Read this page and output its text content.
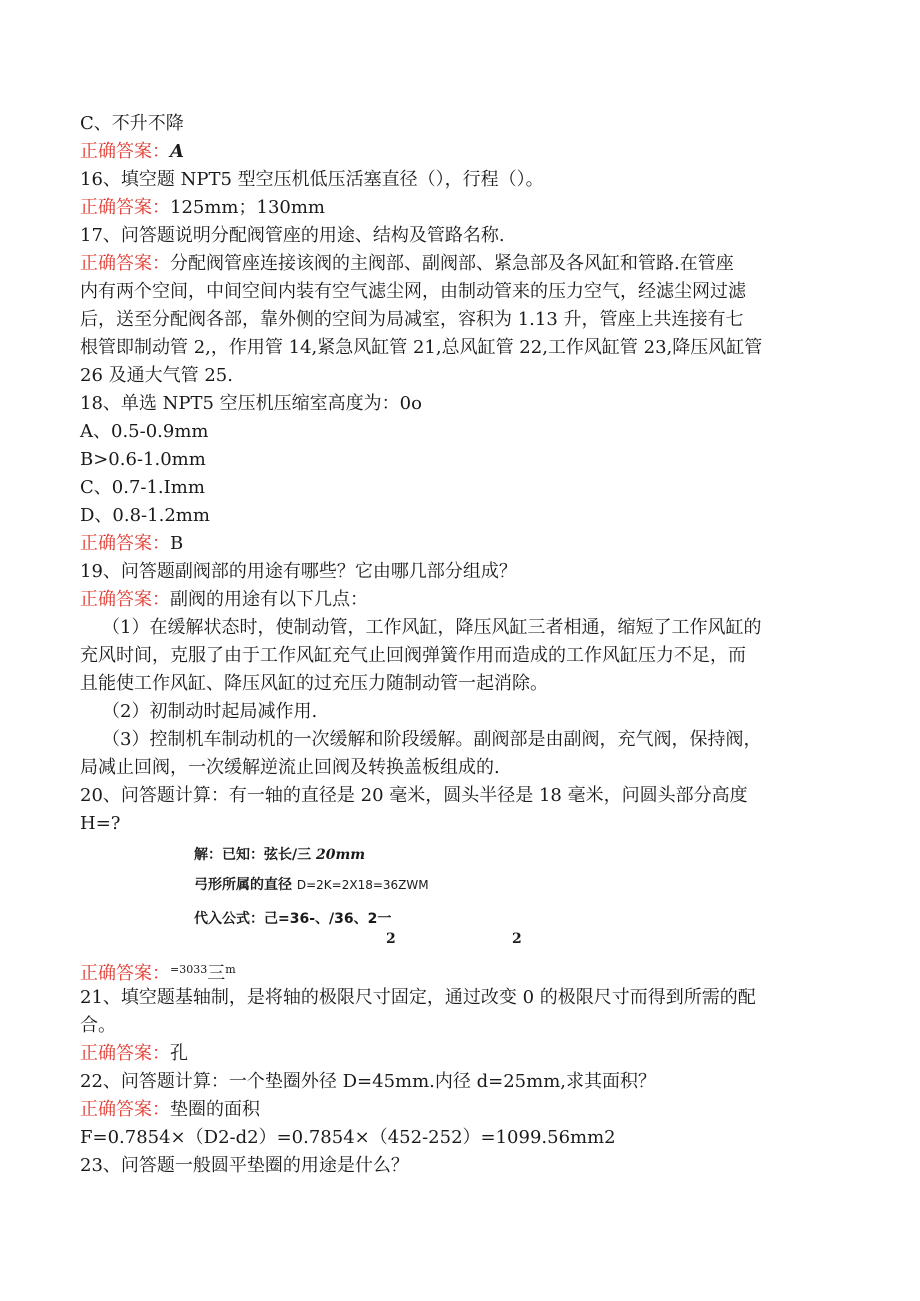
C、不升不降
正确答案：A
16、填空题 NPT5 型空压机低压活塞直径（），行程（）。
正确答案：125mm；130mm
17、问答题说明分配阀管座的用途、结构及管路名称.
正确答案：分配阀管座连接该阀的主阀部、副阀部、紧急部及各风缸和管路.在管座
内有两个空间，中间空间内装有空气滤尘网，由制动管来的压力空气，经滤尘网过滤
后，送至分配阀各部，靠外侧的空间为局减室，容积为 1.13 升，管座上共连接有七
根管即制动管 2,，作用管 14,紧急风缸管 21,总风缸管 22,工作风缸管 23,降压风缸管
26 及通大气管 25.
18、单选 NPT5 空压机压缩室高度为：0o
A、0.5-0.9mm
B>0.6-1.0mm
C、0.7-1.Imm
D、0.8-1.2mm
正确答案：B
19、问答题副阀部的用途有哪些？它由哪几部分组成？
正确答案：副阀的用途有以下几点：
（1）在缓解状态时，使制动管，工作风缸，降压风缸三者相通，缩短了工作风缸的
充风时间，克服了由于工作风缸充气止回阀弹簧作用而造成的工作风缸压力不足，而
且能使工作风缸、降压风缸的过充压力随制动管一起消除。
（2）初制动时起局减作用.
（3）控制机车制动机的一次缓解和阶段缓解。副阀部是由副阀，充气阀，保持阀，
局减止回阀，一次缓解逆流止回阀及转换盖板组成的.
20、问答题计算：有一轴的直径是 20 毫米，圆头半径是 18 毫米，问圆头部分高度
H=?
解：已知：弦长/三 20mm
弓形所属的直径 D=2K=2X18=36ZWM
代入公式：己=36-、/36、2一
2	2
正确答案：$^{=3033}$三$^m$
21、填空题基轴制，是将轴的极限尺寸固定，通过改变 0 的极限尺寸而得到所需的配
合。
正确答案：孔
22、问答题计算：一个垫圈外径 D=45mm.内径 d=25mm,求其面积？
正确答案：垫圈的面积
F=0.7854×（D2-d2）=0.7854×（452-252）=1099.56mm2
23、问答题一般圆平垫圈的用途是什么？
